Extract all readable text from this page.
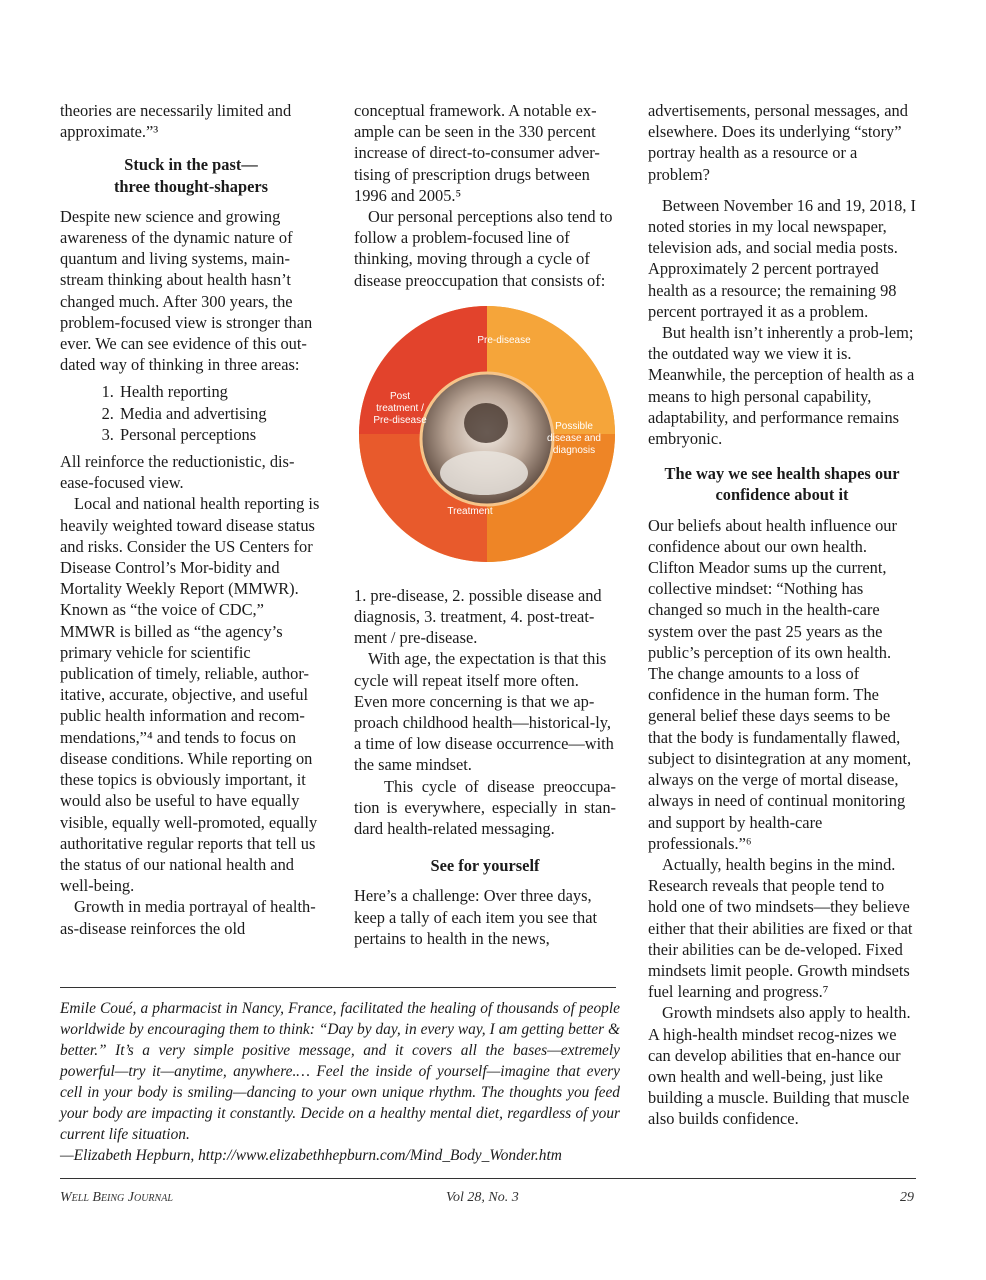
theories are necessarily limited and approximate.”³

Stuck in the past—
three thought-shapers

Despite new science and growing awareness of the dynamic nature of quantum and living systems, main-stream thinking about health hasn’t changed much. After 300 years, the problem-focused view is stronger than ever. We can see evidence of this out-dated way of thinking in three areas:

1. Health reporting
2. Media and advertising
3. Personal perceptions

All reinforce the reductionistic, dis-ease-focused view.

Local and national health reporting is heavily weighted toward disease status and risks. Consider the US Centers for Disease Control’s Mor-bidity and Mortality Weekly Report (MMWR). Known as “the voice of CDC,” MMWR is billed as “the agency’s primary vehicle for scientific publication of timely, reliable, author-itative, accurate, objective, and useful public health information and recom-mendations,”⁴ and tends to focus on disease conditions. While reporting on these topics is obviously important, it would also be useful to have equally visible, equally well-promoted, equally authoritative regular reports that tell us the status of our national health and well-being.

Growth in media portrayal of health-as-disease reinforces the old

conceptual framework. A notable ex-ample can be seen in the 330 percent increase of direct-to-consumer adver-tising of prescription drugs between 1996 and 2005.⁵

Our personal perceptions also tend to follow a problem-focused line of thinking, moving through a cycle of disease preoccupation that consists of:

Pre-disease
Possible disease and diagnosis
Treatment
Post treatment / Pre-disease

1. pre-disease, 2. possible disease and diagnosis, 3. treatment, 4. post-treat-ment / pre-disease.

With age, the expectation is that this cycle will repeat itself more often. Even more concerning is that we ap-proach childhood health—historical-ly, a time of low disease occurrence—with the same mindset.

This cycle of disease preoccupa-tion is everywhere, especially in stan-dard health-related messaging.

See for yourself

Here’s a challenge: Over three days, keep a tally of each item you see that pertains to health in the news,

advertisements, personal messages, and elsewhere. Does its underlying “story” portray health as a resource or a problem?

Between November 16 and 19, 2018, I noted stories in my local newspaper, television ads, and social media posts. Approximately 2 percent portrayed health as a resource; the remaining 98 percent portrayed it as a problem.

But health isn’t inherently a prob-lem; the outdated way we view it is. Meanwhile, the perception of health as a means to high personal capability, adaptability, and performance remains embryonic.

The way we see health shapes our
confidence about it

Our beliefs about health influence our confidence about our own health. Clifton Meador sums up the current, collective mindset: “Nothing has changed so much in the health-care system over the past 25 years as the public’s perception of its own health. The change amounts to a loss of confidence in the human form. The general belief these days seems to be that the body is fundamentally flawed, subject to disintegration at any moment, always on the verge of mortal disease, always in need of continual monitoring and support by health-care professionals.”⁶

Actually, health begins in the mind. Research reveals that people tend to hold one of two mindsets—they believe either that their abilities are fixed or that their abilities can be de-veloped. Fixed mindsets limit people. Growth mindsets fuel learning and progress.⁷

Growth mindsets also apply to health. A high-health mindset recog-nizes we can develop abilities that en-hance our own health and well-being, just like building a muscle. Building that muscle also builds confidence.

Emile Coué, a pharmacist in Nancy, France, facilitated the healing of thousands of people worldwide by encouraging them to think: “Day by day, in every way, I am getting better & better.” It’s a very simple positive message, and it covers all the bases—extremely powerful—try it—anytime, anywhere.… Feel the inside of yourself—imagine that every cell in your body is smiling—dancing to your own unique rhythm. The thoughts you feed your body are impacting it constantly. Decide on a healthy mental diet, regardless of your current life situation.

—Elizabeth Hepburn, http://www.elizabethhepburn.com/Mind_Body_Wonder.htm

Well Being Journal	Vol 28, No. 3	29
